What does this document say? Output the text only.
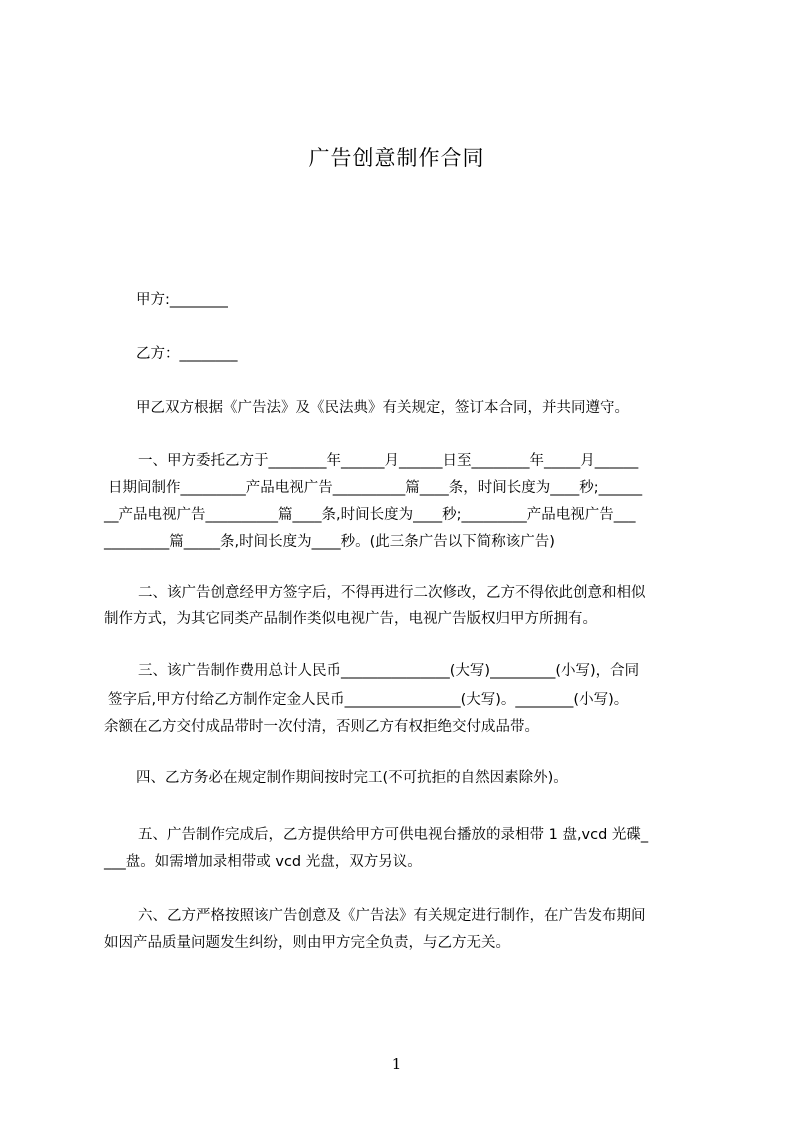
广告创意制作合同
甲方:________
乙方：________
甲乙双方根据《广告法》及《民法典》有关规定，签订本合同，并共同遵守。
一、甲方委托乙方于________年______月______日至________年_____月______
日期间制作_________产品电视广告__________篇____条，时间长度为____秒;______
__产品电视广告__________篇____条,时间长度为____秒;_________产品电视广告___
_________篇_____条,时间长度为____秒。(此三条广告以下简称该广告)
二、该广告创意经甲方签字后，不得再进行二次修改，乙方不得依此创意和相似
制作方式，为其它同类产品制作类似电视广告，电视广告版权归甲方所拥有。
三、该广告制作费用总计人民币_______________(大写)_________(小写)，合同
签字后,甲方付给乙方制作定金人民币________________(大写)。________(小写)。
余额在乙方交付成品带时一次付清，否则乙方有权拒绝交付成品带。
四、乙方务必在规定制作期间按时完工(不可抗拒的自然因素除外)。
五、广告制作完成后，乙方提供给甲方可供电视台播放的录相带 1 盘,vcd 光碟_
___盘。如需增加录相带或 vcd 光盘，双方另议。
六、乙方严格按照该广告创意及《广告法》有关规定进行制作，在广告发布期间
如因产品质量问题发生纠纷，则由甲方完全负责，与乙方无关。
1
